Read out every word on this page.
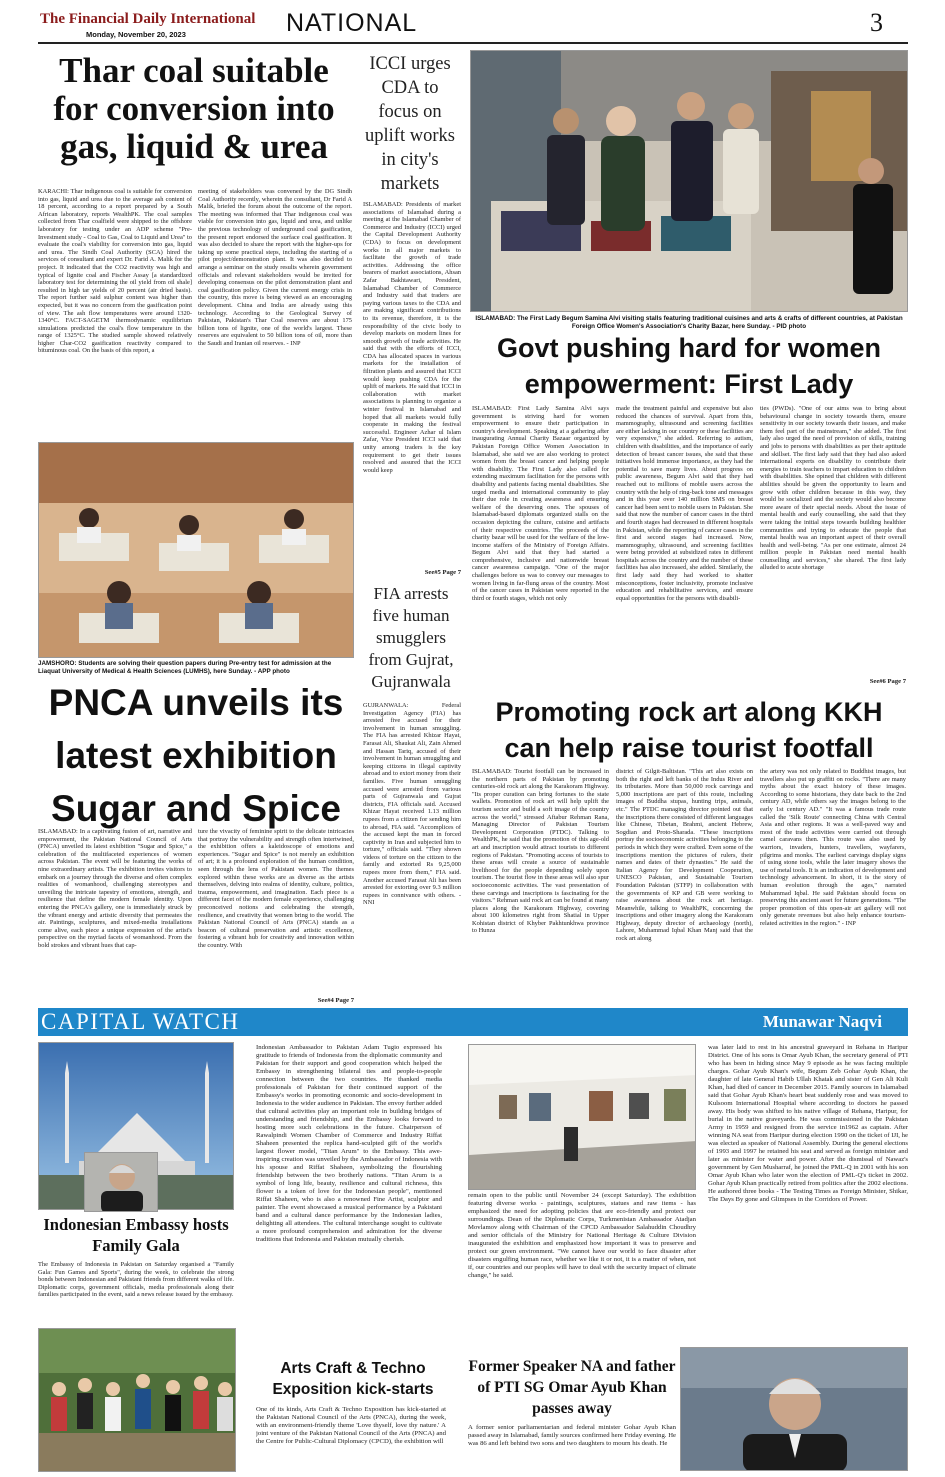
The Financial Daily International
Monday, November 20, 2023	NATIONAL	3
Thar coal suitable for conversion into gas, liquid & urea
KARACHI: Thar indigenous coal is suitable for conversion into gas, liquid and urea due to the average ash content of 18 percent, according to a report prepared by a South African laboratory, reports WealthPK. The coal samples collected from Thar coalfield were shipped to the offshore laboratory for testing under an ADP scheme "Pre-Investment study - Coal to Gas, Coal to Liquid and Urea" to evaluate the coal's viability for conversion into gas, liquid and urea. The Sindh Coal Authority (SCA) hired the services of consultant and expert Dr. Farid A. Malik for the project. It indicated that the CO2 reactivity was high and typical of lignite coal and Fischer Assay [a standardized laboratory test for determining the oil yield from oil shale] resulted in high tar yields of 20 percent (air dried basis). The report further said sulphur content was higher than expected, but it was no concern from the gasification point of view. The ash flow temperatures were around 1320-1340°C. FACT-SAGETM thermodynamic equilibrium simulations predicted the coal's flow temperature in the range of 1325°C. The studied sample showed relatively higher Char-CO2 gasification reactivity compared to bituminous coal. On the basis of this report, a
meeting of stakeholders was convened by the DG Sindh Coal Authority recently, wherein the consultant, Dr Farid A Malik, briefed the forum about the outcome of the report. The meeting was informed that Thar indigenous coal was viable for conversion into gas, liquid and urea, and unlike the previous technology of underground coal gasification, the present report endorsed the surface coal gasification. It was also decided to share the report with the higher-ups for taking up some practical steps, including the starting of a pilot project/demonstration plant. It was also decided to arrange a seminar on the study results wherein government officials and relevant stakeholders would be invited for developing consensus on the pilot demonstration plant and coal gasification policy. Given the current energy crisis in the country, this move is being viewed as an encouraging development. China and India are already using this technology. According to the Geological Survey of Pakistan, Pakistan's Thar Coal reserves are about 175 billion tons of lignite, one of the world's largest. These reserves are equivalent to 50 billion tons of oil, more than the Saudi and Iranian oil reserves. - INP
ICCI urges CDA to focus on uplift works in city's markets
ISLAMABAD: Presidents of market associations of Islamabad during a meeting at the Islamabad Chamber of Commerce and Industry (ICCI) urged the Capital Development Authority (CDA) to focus on development works in all major markets to facilitate the growth of trade activities. Addressing the office bearers of market associations, Ahsan Zafar Bakhtawari, President, Islamabad Chamber of Commerce and Industry said that traders are paying various taxes to the CDA and are making significant contributions to its revenue, therefore, it is the responsibility of the civic body to develop markets on modern lines for smooth growth of trade activities. He said that with the efforts of ICCI, CDA has allocated spaces in various markets for the installation of filtration plants and assured that ICCI would keep pushing CDA for the uplift of markets. He said that ICCI in collaboration with market associations is planning to organize a winter festival in Islamabad and hoped that all markets would fully cooperate in making the festival successful. Engineer Azhar ul Islam Zafar, Vice President ICCI said that unity among traders is the key requirement to get their issues resolved and assured that the ICCI would keep
See#5 Page 7
ISLAMABAD: The First Lady Begum Samina Alvi visiting stalls featuring traditional cuisines and arts & crafts of different countries, at Pakistan Foreign Office Women's Association's Charity Bazar, here Sunday. - PID photo
Govt pushing hard for women empowerment: First Lady
ISLAMABAD: First Lady Samina Alvi says government is striving hard for women empowerment to ensure their participation in country's development. Speaking at a gathering after inaugurating Annual Charity Bazaar organized by Pakistan Foreign Office Women Association in Islamabad, she said we are also working to protect women from the breast cancer and helping people with disability. The First Lady also called for extending maximum facilitation for the persons with disability and patients facing mental disabilities. She urged media and international community to play their due role in creating awareness and ensuring welfare of the deserving ones. The spouses of Islamabad-based diplomats organized stalls on the occasion depicting the culture, cuisine and artifacts of their respective countries. The proceeds of the charity bazar will be used for the welfare of the low-income staffers of the Ministry of Foreign Affairs. Begum Alvi said that they had started a comprehensive, inclusive and nationwide breast cancer awareness campaign. "One of the major challenges before us was to convey our messages to women living in far-flung areas of the country. Most of the cancer cases in Pakistan were reported in the third or fourth stages, which not only
made the treatment painful and expensive but also reduced the chances of survival. Apart from this, mammography, ultrasound and screening facilities are either lacking in our country or these facilities are very expensive," she added. Referring to autism, children with disabilities, and the importance of early detection of breast cancer issues, she said that these initiatives hold immense importance, as they had the potential to save many lives. About progress on public awareness, Begum Alvi said that they had reached out to millions of mobile users across the country with the help of ring-back tone and messages and in this year over 140 million SMS on breast cancer had been sent to mobile users in Pakistan. She said that now the number of cancer cases in the third and fourth stages had decreased in different hospitals in Pakistan, while the reporting of cancer cases in the first and second stages had increased. Now, mammography, ultrasound, and screening facilities were being provided at subsidized rates in different hospitals across the country and the number of these facilities has also increased, she added. Similarly, the first lady said they had worked to shatter misconceptions, foster inclusivity, promote inclusive education and rehabilitative services, and ensure equal opportunities for the persons with disabili-
ties (PWDs). "One of our aims was to bring about behavioural change in society towards them, ensure sensitivity in our society towards their issues, and make them feel part of the mainstream," she added. The first lady also urged the need of provision of skills, training and jobs to persons with disabilities as per their aptitude and skillset. The first lady said that they had also asked international experts on disability to contribute their energies to train teachers to impart education to children with disabilities. She opined that children with different abilities should be given the opportunity to learn and grow with other children because in this way, they would be socialized and the society would also become more aware of their special needs. About the issue of mental health and early counselling, she said that they were taking the initial steps towards building healthier communities and trying to educate the people that mental health was an important aspect of their overall health and well-being. "As per one estimate, almost 24 million people in Pakistan need mental health counselling and services," she shared. The first lady alluded to acute shortage
See#6 Page 7
JAMSHORO: Students are solving their question papers during Pre-entry test for admission at the Liaquat University of Medical & Health Sciences (LUMHS), here Sunday. - APP photo
FIA arrests five human smugglers from Gujrat, Gujranwala
GUJRANWALA: Federal Investigation Agency (FIA) has arrested five accused for their involvement in human smuggling. The FIA has arrested Khizar Hayat, Farasat Ali, Shaukat Ali, Zain Ahmed and Hassan Tariq, accused of their involvement in human smuggling and keeping citizens in illegal captivity abroad and to extort money from their families. Five human smuggling accused were arrested from various parts of Gujranwala and Gujrat districts, FIA officials said. Accused Khizar Hayat received 1.13 million rupees from a citizen for sending him to abroad, FIA said. "Accomplices of the accused kept the man in forced captivity in Iran and subjected him to torture," officials said. "They shown videos of torture on the citizen to the family and extorted Rs 9,25,000 rupees more from them," FIA said. Another accused Farasat Ali has been arrested for extorting over 9.3 million rupees in connivance with others. - NNI
PNCA unveils its latest exhibition Sugar and Spice
ISLAMABAD: In a captivating fusion of art, narrative and empowerment, the Pakistan National Council of Arts (PNCA) unveiled its latest exhibition "Sugar and Spice," a celebration of the multifaceted experiences of women across Pakistan. The event will be featuring the works of nine extraordinary artists. The exhibition invites visitors to embark on a journey through the diverse and often complex realities of womanhood, challenging stereotypes and unveiling the intricate tapestry of emotions, strength, and resilience that define the modern female identity. Upon entering the PNCA's gallery, one is immediately struck by the vibrant energy and artistic diversity that permeates the air. Paintings, sculptures, and mixed-media installations come alive, each piece a unique expression of the artist's perspective on the myriad facets of womanhood. From the bold strokes and vibrant hues that cap-
ture the vivacity of feminine spirit to the delicate intricacies that portray the vulnerability and strength often intertwined, the exhibition offers a kaleidoscope of emotions and experiences. "Sugar and Spice" is not merely an exhibition of art; it is a profound exploration of the human condition, seen through the lens of Pakistani women. The themes explored within these works are as diverse as the artists themselves, delving into realms of identity, culture, politics, trauma, empowerment, and imagination. Each piece is a different facet of the modern female experience, challenging preconceived notions and celebrating the strength, resilience, and creativity that women bring to the world. The Pakistan National Council of Arts (PNCA) stands as a beacon of cultural preservation and artistic excellence, fostering a vibrant hub for creativity and innovation within the country. With
See#4 Page 7
Promoting rock art along KKH can help raise tourist footfall
ISLAMABAD: Tourist footfall can be increased in the northern parts of Pakistan by promoting centuries-old rock art along the Karakoram Highway. "Its proper curation can bring fortunes to the state wallets. Promotion of rock art will help uplift the tourism sector and build a soft image of the country across the world," stressed Aftabur Rehman Rana, Managing Director of Pakistan Tourism Development Corporation (PTDC). Talking to WealthPK, he said that the promotion of this age-old art and inscription would attract tourists to different regions of Pakistan. "Promoting access of tourists to these areas will create a source of sustainable livelihood for the people depending solely upon tourism. The tourist flow in these areas will also spur socioeconomic activities. The vast presentation of these carvings and inscriptions is fascinating for the visitors." Rehman said rock art can be found at many places along the Karakoram Highway, covering about 100 kilometres right from Shatial in Upper Kohistan district of Khyber Pakhtunkhwa province to Hunza
district of Gilgit-Baltistan. "This art also exists on both the right and left banks of the Indus River and its tributaries. More than 50,000 rock carvings and 5,000 inscriptions are part of this route, including images of Buddha stupas, hunting trips, animals, etc." The PTDC managing director pointed out that the inscriptions there consisted of different languages like Chinese, Tibetan, Brahmi, ancient Hebrew, Sogdian and Proto-Sharada. "These inscriptions portray the socioeconomic activities belonging to the periods in which they were crafted. Even some of the inscriptions mention the pictures of rulers, their names and dates of their dynasties." He said the Italian Agency for Development Cooperation, UNESCO Pakistan, and Sustainable Tourism Foundation Pakistan (STFP) in collaboration with the governments of KP and GB were working to raise awareness about the rock art heritage. Meanwhile, talking to WealthPK, concerning the inscriptions and other imagery along the Karakoram Highway, deputy director of archaeology (north), Lahore, Muhammad Iqbal Khan Manj said that the rock art along
the artery was not only related to Buddhist images, but travellers also put up graffiti on rocks. "There are many myths about the exact history of these images. According to some historians, they date back to the 2nd century AD, while others say the images belong to the early 1st century AD." "It was a famous trade route called the 'Silk Route' connecting China with Central Asia and other regions. It was a well-paved way and most of the trade activities were carried out through camel caravans then. This route was also used by warriors, invaders, hunters, travellers, wayfarers, pilgrims and monks. The earliest carvings display signs of using stone tools, while the later imagery shows the use of metal tools. It is an indication of development and technology advancement. In short, it is the story of human evolution through the ages," narrated Muhammad Iqbal. He said Pakistan should focus on preserving this ancient asset for future generations. "The proper promotion of this open-air art gallery will not only generate revenues but also help enhance tourism-related activities in the region." - INP
CAPITAL WATCH	Munawar Naqvi
Indonesian Embassy hosts Family Gala
The Embassy of Indonesia in Pakistan on Saturday organised a "Family Gala: Fun Games and Sports", during the week, to celebrate the strong bonds between Indonesian and Pakistani friends from different walks of life. Diplomatic corps, government officials, media professionals along their families participated in the event, said a news release issued by the embassy.
Indonesian Ambassador to Pakistan Adam Tugio expressed his gratitude to friends of Indonesia from the diplomatic community and Pakistan for their support and good cooperation which helped the Embassy in strengthening bilateral ties and people-to-people connection between the two countries. He thanked media professionals of Pakistan for their continued support of the Embassy's works in promoting economic and socio-development in Indonesia to the wider audience in Pakistan. The envoy further added that cultural activities play an important role in building bridges of understanding and friendship, and the Embassy looks forward to hosting more such celebrations in the future. Chairperson of Rawalpindi Women Chamber of Commerce and Industry Riffat Shaheen presented the replica hand-sculpted gift of the world's largest flower model, "Titan Arum" to the Embassy. This awe-inspiring creation was unveiled by the Ambassador of Indonesia with his spouse and Riffat Shaheen, symbolizing the flourishing friendship between the two brotherly nations. "Titan Arum is a symbol of long life, beauty, resilience and cultural richness, this flower is a token of love for the Indonesian people", mentioned Riffat Shaheen, who is also a renowned Fine Artist, sculptor and painter. The event showcased a musical performance by a Pakistani band and a cultural dance performance by the Indonesian ladies, delighting all attendees. The cultural interchange sought to cultivate a more profound comprehension and admiration for the diverse traditions that Indonesia and Pakistan mutually cherish.
remain open to the public until November 24 (except Saturday). The exhibition featuring diverse works - paintings, sculptures, statues and raw items - has emphasized the need for adopting policies that are eco-friendly and protect our surroundings. Dean of the Diplomatic Corps, Turkmenistan Ambassador Atadjan Movlamov along with Chairman of the CPCD Ambassador Salahuddin Choudhry and senior officials of the Ministry for National Heritage & Culture Division inaugurated the exhibition and emphasized how important it was to preserve and protect our green environment. "We cannot have our world to face disaster after disasters engulfing human race, whether we like it or not, it is a matter of when, not if, our countries and our peoples will have to deal with the security impact of climate change," he said.
was later laid to rest in his ancestral graveyard in Rehana in Haripur District. One of his sons is Omar Ayub Khan, the secretary general of PTI who has been in hiding since May 9 episode as he was facing multiple charges. Gohar Ayub Khan's wife, Begum Zeb Gohar Ayub Khan, the daughter of late General Habib Ullah Khatak and sister of Gen Ali Kuli Khan, had died of cancer in December 2015. Family sources in Islamabad said that Gohar Ayub Khan's heart beat suddenly rose and was moved to Kulsoom International Hospital where according to doctors he passed away. His body was shifted to his native village of Rehana, Haripur, for burial in the native graveyards. He was commissioned in the Pakistan Army in 1959 and resigned from the service in1962 as captain. After winning NA seat from Haripur during election 1990 on the ticket of IJI, he was elected as speaker of National Assembly. During the general elections of 1993 and 1997 he retained his seat and served as foreign minister and later as minister for water and power. After the dismissal of Nawaz's government by Gen Musharraf, he joined the PML-Q in 2001 with his son Omar Ayub Khan who later won the election of PML-Q's ticket in 2002. Gohar Ayub Khan practically retired from politics after the 2002 elections. He authored three books - The Testing Times as Foreign Minister, Shikar, The Days By gone and Glimpses in the Corridors of Power.
Arts Craft & Techno Exposition kick-starts
One of its kinds, Arts Craft & Techno Exposition has kick-started at the Pakistan National Council of the Arts (PNCA), during the week, with an environment-friendly theme 'Love thyself, love thy nature.' A joint venture of the Pakistan National Council of the Arts (PNCA) and the Centre for Public-Cultural Diplomacy (CPCD), the exhibition will
Former Speaker NA and father of PTI SG Omar Ayub Khan passes away
A former senior parliamentarian and federal minister Gohar Ayub Khan passed away in Islamabad, family sources confirmed here Friday evening. He was 86 and left behind two sons and two daughters to mourn his death. He
